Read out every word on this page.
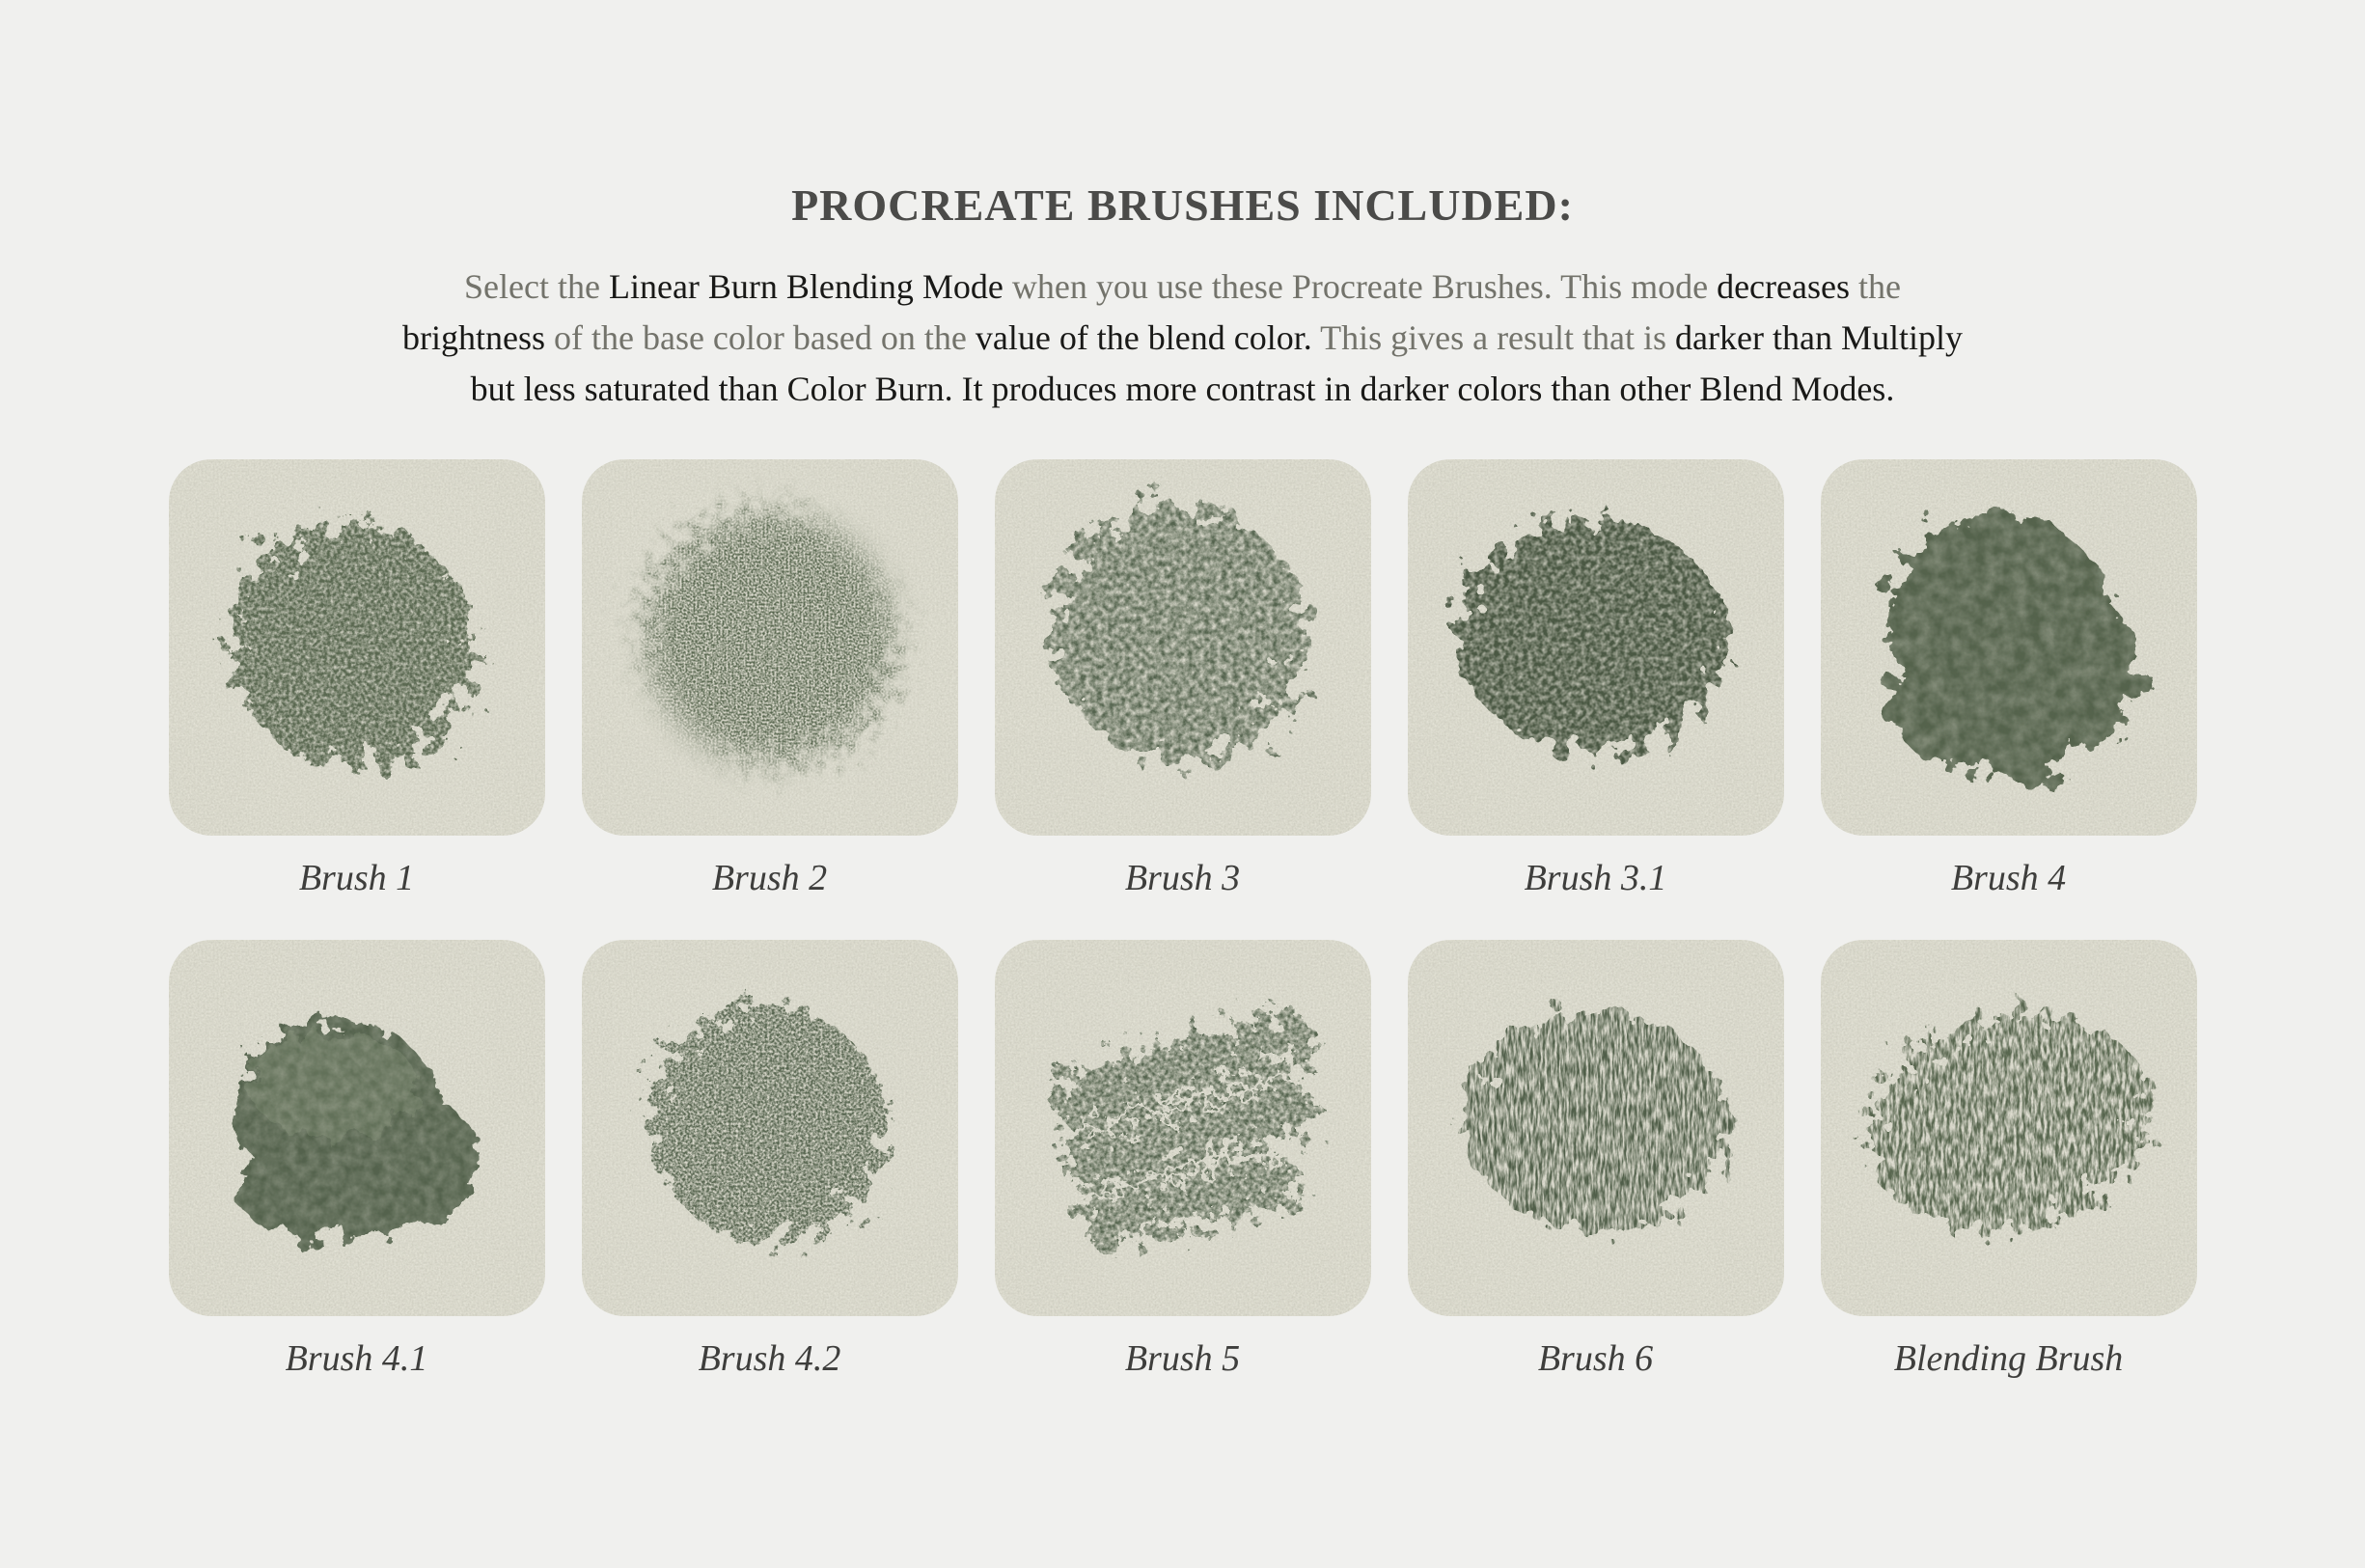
PROCREATE BRUSHES INCLUDED:
Select the Linear Burn Blending Mode when you use these Procreate Brushes. This mode decreases the
brightness of the base color based on the value of the blend color. This gives a result that is darker than Multiply
but less saturated than Color Burn. It produces more contrast in darker colors than other Blend Modes.
Brush 1	Brush 2	Brush 3	Brush 3.1	Brush 4
Brush 4.1	Brush 4.2	Brush 5	Brush 6	Blending Brush
